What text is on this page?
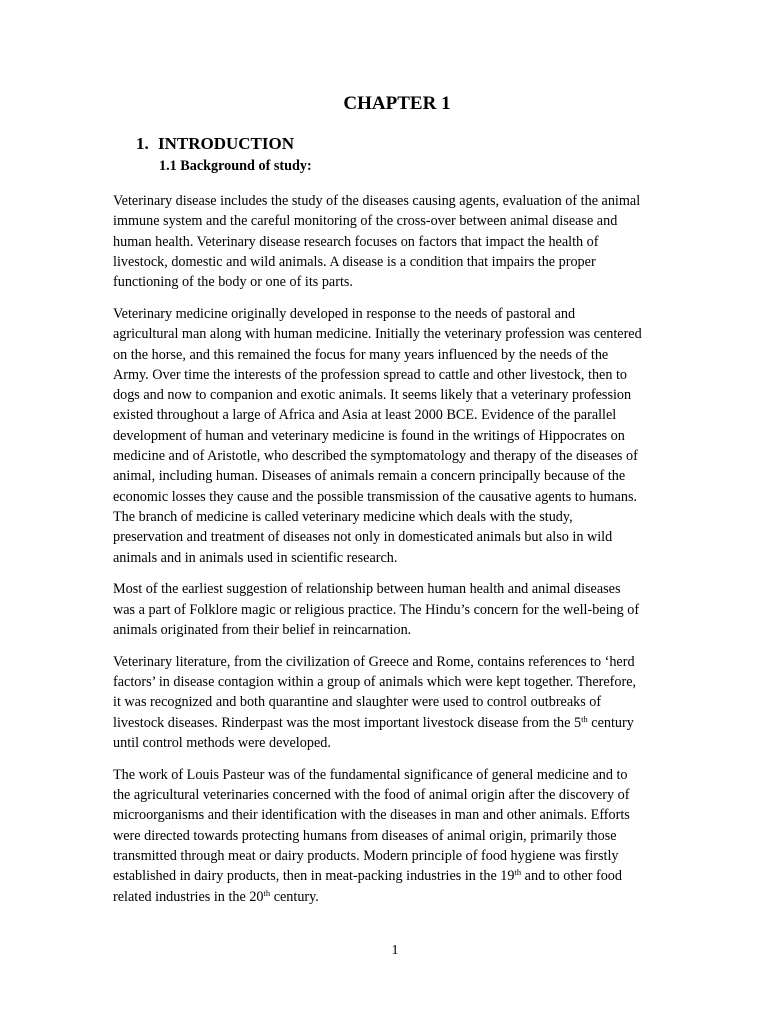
CHAPTER 1
1. INTRODUCTION
1.1 Background of study:

Veterinary disease includes the study of the diseases causing agents, evaluation of the animal
immune system and the careful monitoring of the cross-over between animal disease and
human health. Veterinary disease research focuses on factors that impact the health of
livestock, domestic and wild animals. A disease is a condition that impairs the proper
functioning of the body or one of its parts.

Veterinary medicine originally developed in response to the needs of pastoral and
agricultural man along with human medicine. Initially the veterinary profession was centered
on the horse, and this remained the focus for many years influenced by the needs of the
Army. Over time the interests of the profession spread to cattle and other livestock, then to
dogs and now to companion and exotic animals. It seems likely that a veterinary profession
existed throughout a large of Africa and Asia at least 2000 BCE. Evidence of the parallel
development of human and veterinary medicine is found in the writings of Hippocrates on
medicine and of Aristotle, who described the symptomatology and therapy of the diseases of
animal, including human. Diseases of animals remain a concern principally because of the
economic losses they cause and the possible transmission of the causative agents to humans.
The branch of medicine is called veterinary medicine which deals with the study,
preservation and treatment of diseases not only in domesticated animals but also in wild
animals and in animals used in scientific research.

Most of the earliest suggestion of relationship between human health and animal diseases
was a part of Folklore magic or religious practice. The Hindu’s concern for the well-being of
animals originated from their belief in reincarnation.

Veterinary literature, from the civilization of Greece and Rome, contains references to ‘herd
factors’ in disease contagion within a group of animals which were kept together. Therefore,
it was recognized and both quarantine and slaughter were used to control outbreaks of
livestock diseases. Rinderpast was the most important livestock disease from the 5th century
until control methods were developed.

The work of Louis Pasteur was of the fundamental significance of general medicine and to
the agricultural veterinaries concerned with the food of animal origin after the discovery of
microorganisms and their identification with the diseases in man and other animals. Efforts
were directed towards protecting humans from diseases of animal origin, primarily those
transmitted through meat or dairy products. Modern principle of food hygiene was firstly
established in dairy products, then in meat-packing industries in the 19th and to other food
related industries in the 20th century.

1
